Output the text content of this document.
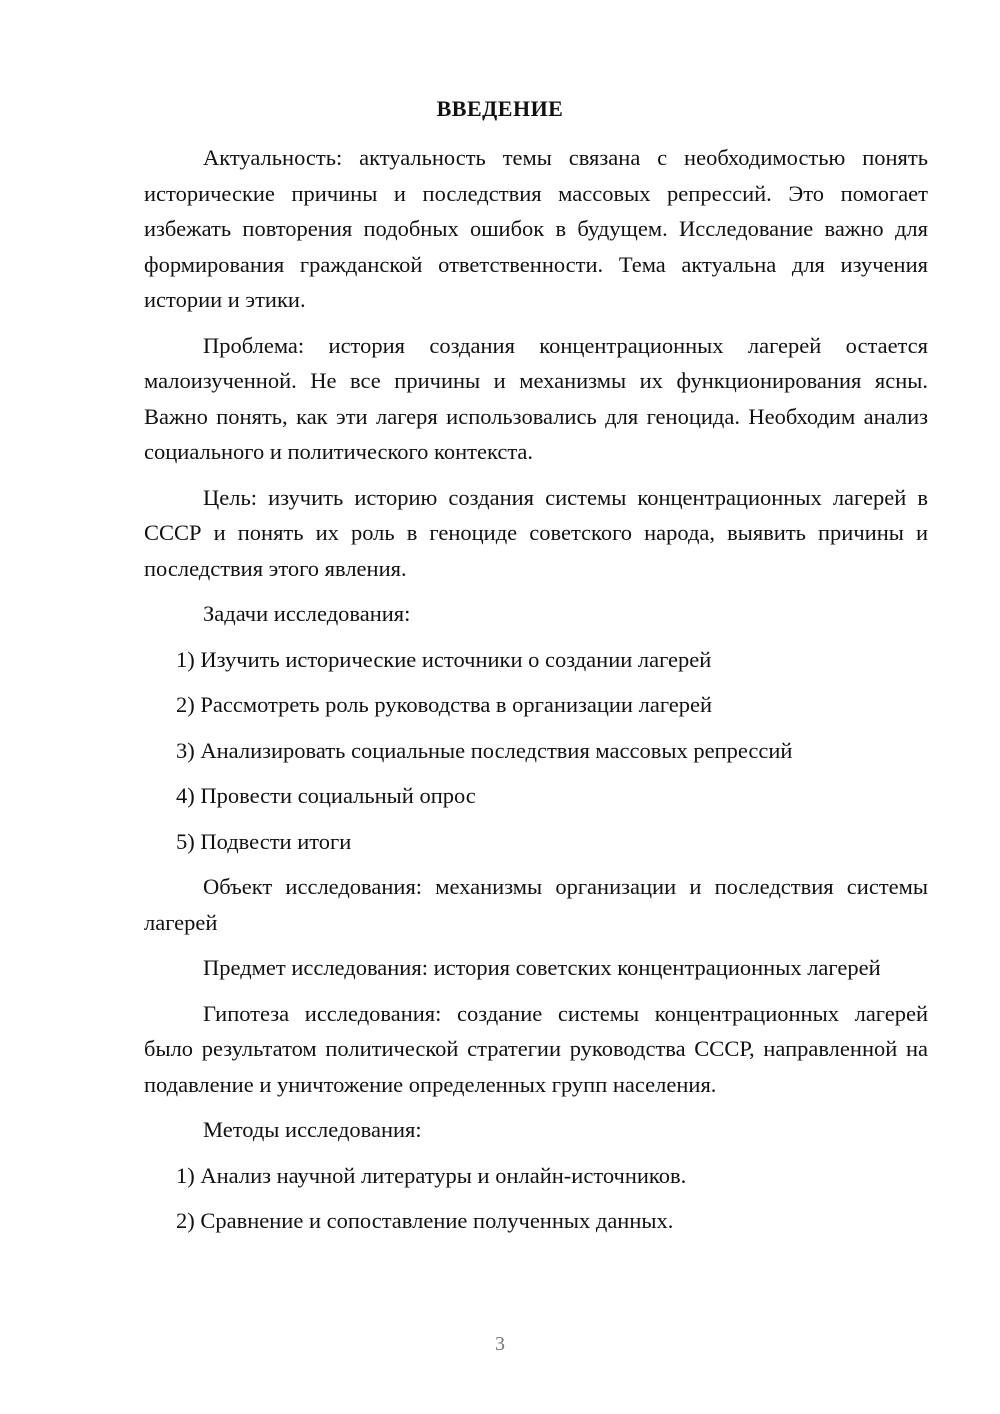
ВВЕДЕНИЕ

Актуальность: актуальность темы связана с необходимостью понять исторические причины и последствия массовых репрессий. Это помогает избежать повторения подобных ошибок в будущем. Исследование важно для формирования гражданской ответственности. Тема актуальна для изучения истории и этики.

Проблема: история создания концентрационных лагерей остается малоизученной. Не все причины и механизмы их функционирования ясны. Важно понять, как эти лагеря использовались для геноцида. Необходим анализ социального и политического контекста.

Цель: изучить историю создания системы концентрационных лагерей в СССР и понять их роль в геноциде советского народа, выявить причины и последствия этого явления.

Задачи исследования:

1) Изучить исторические источники о создании лагерей

2) Рассмотреть роль руководства в организации лагерей

3) Анализировать социальные последствия массовых репрессий

4) Провести социальный опрос

5) Подвести итоги

Объект исследования: механизмы организации и последствия системы лагерей

Предмет исследования: история советских концентрационных лагерей

Гипотеза исследования: создание системы концентрационных лагерей было результатом политической стратегии руководства СССР, направленной на подавление и уничтожение определенных групп населения.

Методы исследования:

1) Анализ научной литературы и онлайн-источников.

2) Сравнение и сопоставление полученных данных.

3
